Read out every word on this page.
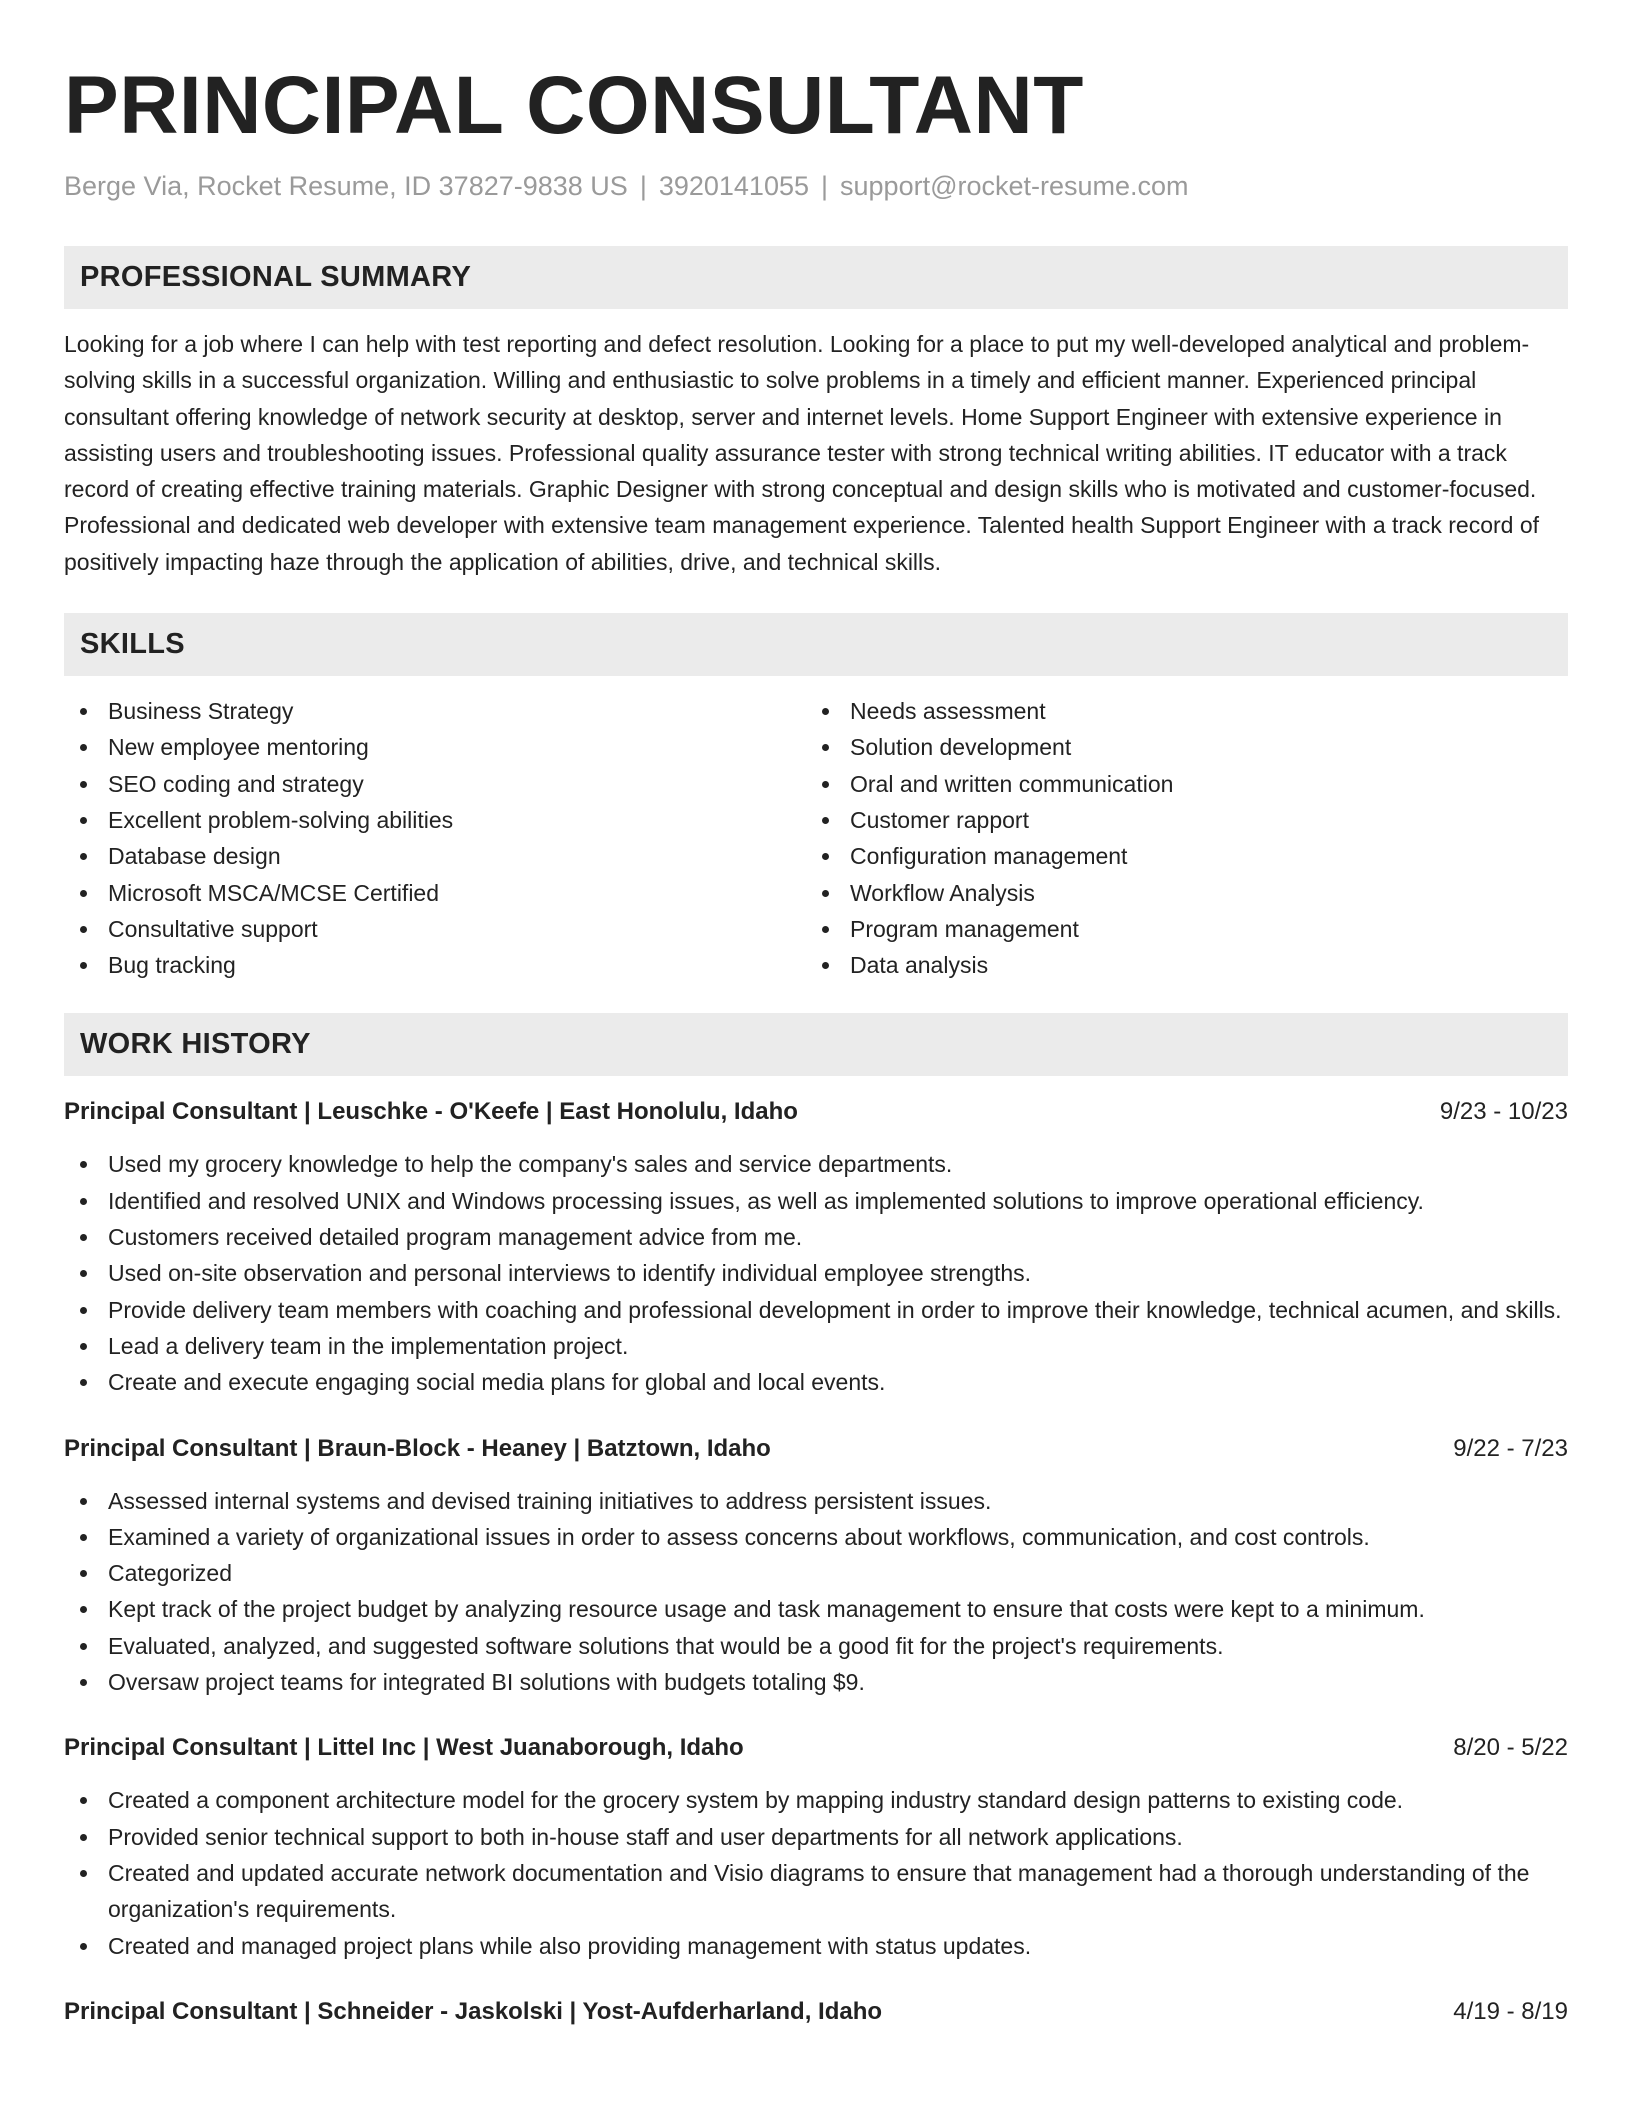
PRINCIPAL CONSULTANT
Berge Via, Rocket Resume, ID 37827-9838 US | 3920141055 | support@rocket-resume.com
PROFESSIONAL SUMMARY

Looking for a job where I can help with test reporting and defect resolution. Looking for a place to put my well-developed analytical and problem-solving skills in a successful organization. Willing and enthusiastic to solve problems in a timely and efficient manner. Experienced principal consultant offering knowledge of network security at desktop, server and internet levels. Home Support Engineer with extensive experience in assisting users and troubleshooting issues. Professional quality assurance tester with strong technical writing abilities. IT educator with a track record of creating effective training materials. Graphic Designer with strong conceptual and design skills who is motivated and customer-focused. Professional and dedicated web developer with extensive team management experience. Talented health Support Engineer with a track record of positively impacting haze through the application of abilities, drive, and technical skills.

SKILLS
Business Strategy
New employee mentoring
SEO coding and strategy
Excellent problem-solving abilities
Database design
Microsoft MSCA/MCSE Certified
Consultative support
Bug tracking
Needs assessment
Solution development
Oral and written communication
Customer rapport
Configuration management
Workflow Analysis
Program management
Data analysis
WORK HISTORY
Principal Consultant | Leuschke - O'Keefe | East Honolulu, Idaho	9/23 - 10/23
Used my grocery knowledge to help the company's sales and service departments.
Identified and resolved UNIX and Windows processing issues, as well as implemented solutions to improve operational efficiency.
Customers received detailed program management advice from me.
Used on-site observation and personal interviews to identify individual employee strengths.
Provide delivery team members with coaching and professional development in order to improve their knowledge, technical acumen, and skills.
Lead a delivery team in the implementation project.
Create and execute engaging social media plans for global and local events.
Principal Consultant | Braun-Block - Heaney | Batztown, Idaho	9/22 - 7/23
Assessed internal systems and devised training initiatives to address persistent issues.
Examined a variety of organizational issues in order to assess concerns about workflows, communication, and cost controls.
Categorized
Kept track of the project budget by analyzing resource usage and task management to ensure that costs were kept to a minimum.
Evaluated, analyzed, and suggested software solutions that would be a good fit for the project's requirements.
Oversaw project teams for integrated BI solutions with budgets totaling $9.
Principal Consultant | Littel Inc | West Juanaborough, Idaho	8/20 - 5/22
Created a component architecture model for the grocery system by mapping industry standard design patterns to existing code.
Provided senior technical support to both in-house staff and user departments for all network applications.
Created and updated accurate network documentation and Visio diagrams to ensure that management had a thorough understanding of the organization's requirements.
Created and managed project plans while also providing management with status updates.
Principal Consultant | Schneider - Jaskolski | Yost-Aufderharland, Idaho	4/19 - 8/19
